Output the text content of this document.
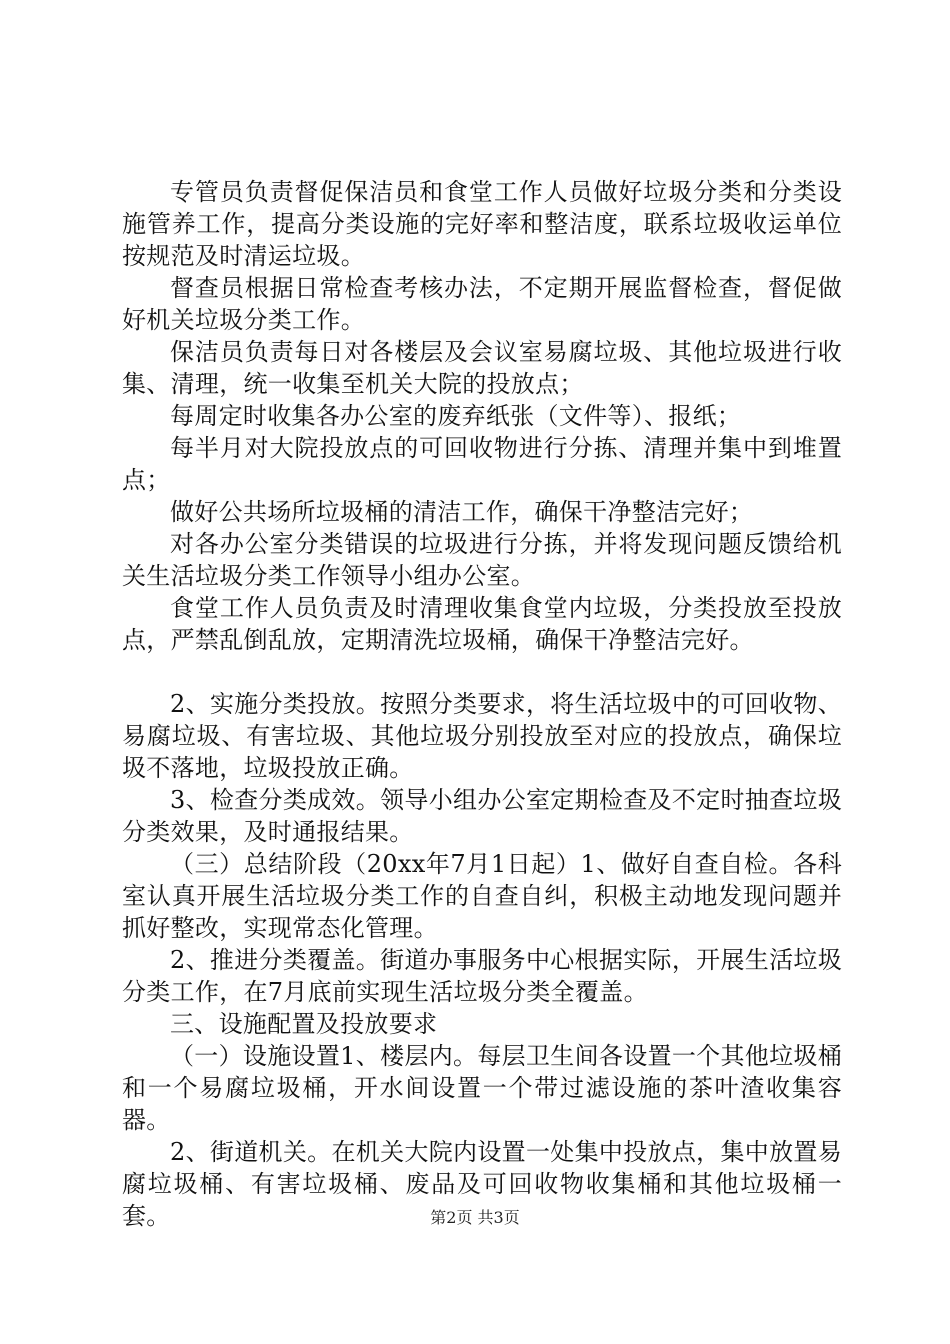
专管员负责督促保洁员和食堂工作人员做好垃圾分类和分类设施管养工作，提高分类设施的完好率和整洁度，联系垃圾收运单位按规范及时清运垃圾。

督查员根据日常检查考核办法，不定期开展监督检查，督促做好机关垃圾分类工作。

保洁员负责每日对各楼层及会议室易腐垃圾、其他垃圾进行收集、清理，统一收集至机关大院的投放点；

每周定时收集各办公室的废弃纸张（文件等）、报纸；

每半月对大院投放点的可回收物进行分拣、清理并集中到堆置点；

做好公共场所垃圾桶的清洁工作，确保干净整洁完好；

对各办公室分类错误的垃圾进行分拣，并将发现问题反馈给机关生活垃圾分类工作领导小组办公室。

食堂工作人员负责及时清理收集食堂内垃圾，分类投放至投放点，严禁乱倒乱放，定期清洗垃圾桶，确保干净整洁完好。

2、实施分类投放。按照分类要求，将生活垃圾中的可回收物、易腐垃圾、有害垃圾、其他垃圾分别投放至对应的投放点，确保垃圾不落地，垃圾投放正确。

3、检查分类成效。领导小组办公室定期检查及不定时抽查垃圾分类效果，及时通报结果。

（三）总结阶段（20xx年7月1日起）1、做好自查自检。各科室认真开展生活垃圾分类工作的自查自纠，积极主动地发现问题并抓好整改，实现常态化管理。

2、推进分类覆盖。街道办事服务中心根据实际，开展生活垃圾分类工作，在7月底前实现生活垃圾分类全覆盖。

三、设施配置及投放要求

（一）设施设置1、楼层内。每层卫生间各设置一个其他垃圾桶和一个易腐垃圾桶，开水间设置一个带过滤设施的茶叶渣收集容器。

2、街道机关。在机关大院内设置一处集中投放点，集中放置易腐垃圾桶、有害垃圾桶、废品及可回收物收集桶和其他垃圾桶一套。	第2页 共3页
